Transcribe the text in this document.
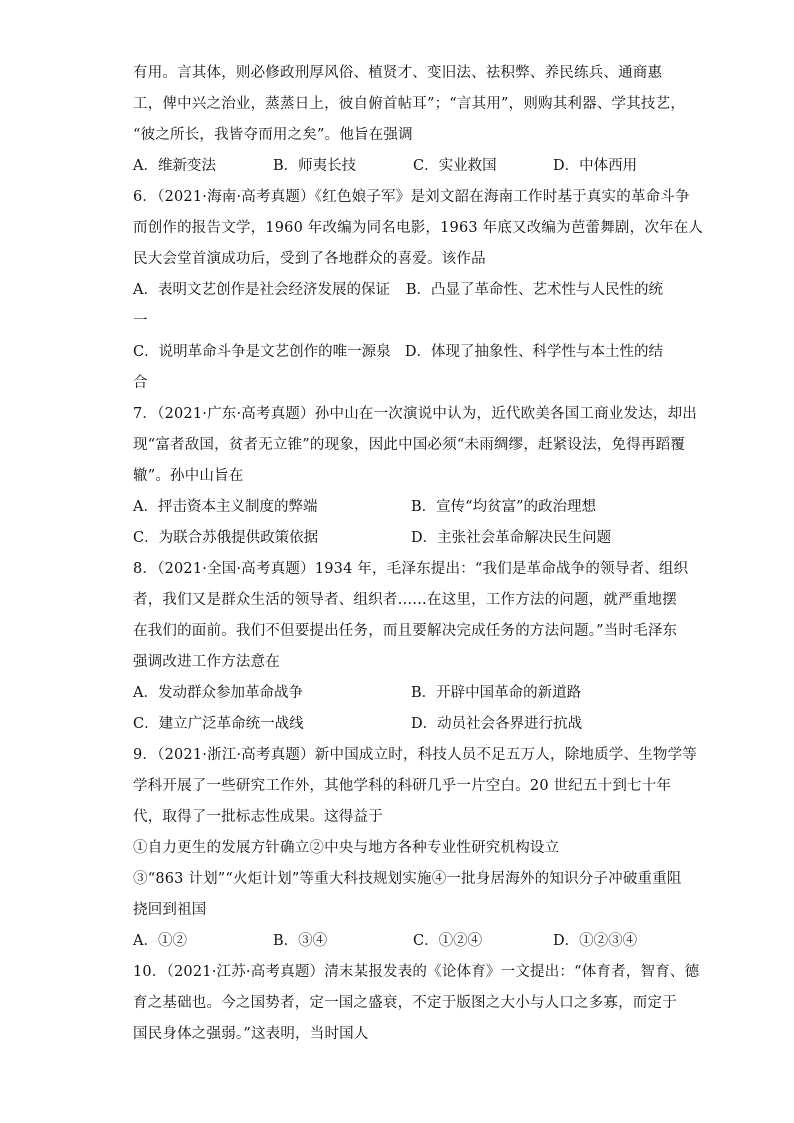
有用。言其体，则必修政刑厚风俗、植贤才、变旧法、祛积弊、养民练兵、通商惠
工，俾中兴之治业，蒸蒸日上，彼自俯首帖耳”；“言其用”，则购其利器、学其技艺，
“彼之所长，我皆夺而用之矣”。他旨在强调
A．维新变法	B．师夷长技	C．实业救国	D．中体西用
6．（2021·海南·高考真题）《红色娘子军》是刘文韶在海南工作时基于真实的革命斗争
而创作的报告文学，1960 年改编为同名电影，1963 年底又改编为芭蕾舞剧，次年在人
民大会堂首演成功后，受到了各地群众的喜爱。该作品
A．表明文艺创作是社会经济发展的保证	B．凸显了革命性、艺术性与人民性的统
一
C．说明革命斗争是文艺创作的唯一源泉 D．体现了抽象性、科学性与本土性的结
合
7．（2021·广东·高考真题）孙中山在一次演说中认为，近代欧美各国工商业发达，却出
现“富者敌国，贫者无立锥”的现象，因此中国必须“未雨绸缪，赶紧设法，免得再蹈覆
辙”。孙中山旨在
A．抨击资本主义制度的弊端	B．宣传“均贫富”的政治理想
C．为联合苏俄提供政策依据	D．主张社会革命解决民生问题
8．（2021·全国·高考真题）1934 年，毛泽东提出：“我们是革命战争的领导者、组织
者，我们又是群众生活的领导者、组织者……在这里，工作方法的问题，就严重地摆
在我们的面前。我们不但要提出任务，而且要解决完成任务的方法问题。”当时毛泽东
强调改进工作方法意在
A．发动群众参加革命战争	B．开辟中国革命的新道路
C．建立广泛革命统一战线	D．动员社会各界进行抗战
9．（2021·浙江·高考真题）新中国成立时，科技人员不足五万人，除地质学、生物学等
学科开展了一些研究工作外，其他学科的科研几乎一片空白。20 世纪五十到七十年
代，取得了一批标志性成果。这得益于
①自力更生的发展方针确立②中央与地方各种专业性研究机构设立
③“863 计划”“火炬计划”等重大科技规划实施④一批身居海外的知识分子冲破重重阻
挠回到祖国
A．①②	B．③④	C．①②④	D．①②③④
10．（2021·江苏·高考真题）清末某报发表的《论体育》一文提出：“体育者，智育、德
育之基础也。今之国势者，定一国之盛衰，不定于版图之大小与人口之多寡，而定于
国民身体之强弱。”这表明，当时国人
